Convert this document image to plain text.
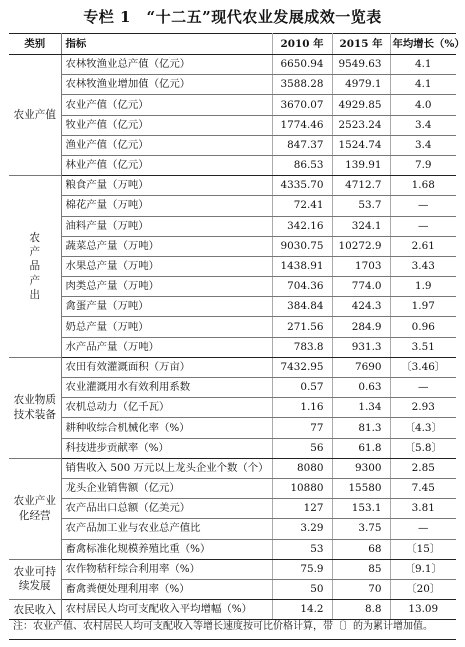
专栏 1　“十二五”现代农业发展成效一览表
类别	指标	2010 年	2015 年	年均增长（%）
农业产值	农林牧渔业总产值（亿元）	6650.94	9549.63	4.1
	农林牧渔业增加值（亿元）	3588.28	4979.1	4.1
	农业产值（亿元）	3670.07	4929.85	4.0
	牧业产值（亿元）	1774.46	2523.24	3.4
	渔业产值（亿元）	847.37	1524.74	3.4
	林业产值（亿元）	86.53	139.91	7.9
农产品产出	粮食产量（万吨）	4335.70	4712.7	1.68
	棉花产量（万吨）	72.41	53.7	—
	油料产量（万吨）	342.16	324.1	—
	蔬菜总产量（万吨）	9030.75	10272.9	2.61
	水果总产量（万吨）	1438.91	1703	3.43
	肉类总产量（万吨）	704.36	774.0	1.9
	禽蛋产量（万吨）	384.84	424.3	1.97
	奶总产量（万吨）	271.56	284.9	0.96
	水产品产量（万吨）	783.8	931.3	3.51
农业物质技术装备	农田有效灌溉面积（万亩）	7432.95	7690	〔3.46〕
	农业灌溉用水有效利用系数	0.57	0.63	—
	农机总动力（亿千瓦）	1.16	1.34	2.93
	耕种收综合机械化率（%）	77	81.3	〔4.3〕
	科技进步贡献率（%）	56	61.8	〔5.8〕
农业产业化经营	销售收入 500 万元以上龙头企业个数（个）	8080	9300	2.85
	龙头企业销售额（亿元）	10880	15580	7.45
	农产品出口总额（亿美元）	127	153.1	3.81
	农产品加工业与农业总产值比	3.29	3.75	—
	畜禽标准化规模养殖比重（%）	53	68	〔15〕
农业可持续发展	农作物秸秆综合利用率（%）	75.9	85	〔9.1〕
	畜禽粪便处理利用率（%）	50	70	〔20〕
农民收入	农村居民人均可支配收入平均增幅（%）	14.2	8.8	13.09
注：农业产值、农村居民人均可支配收入等增长速度按可比价格计算，带〔〕的为累计增加值。
